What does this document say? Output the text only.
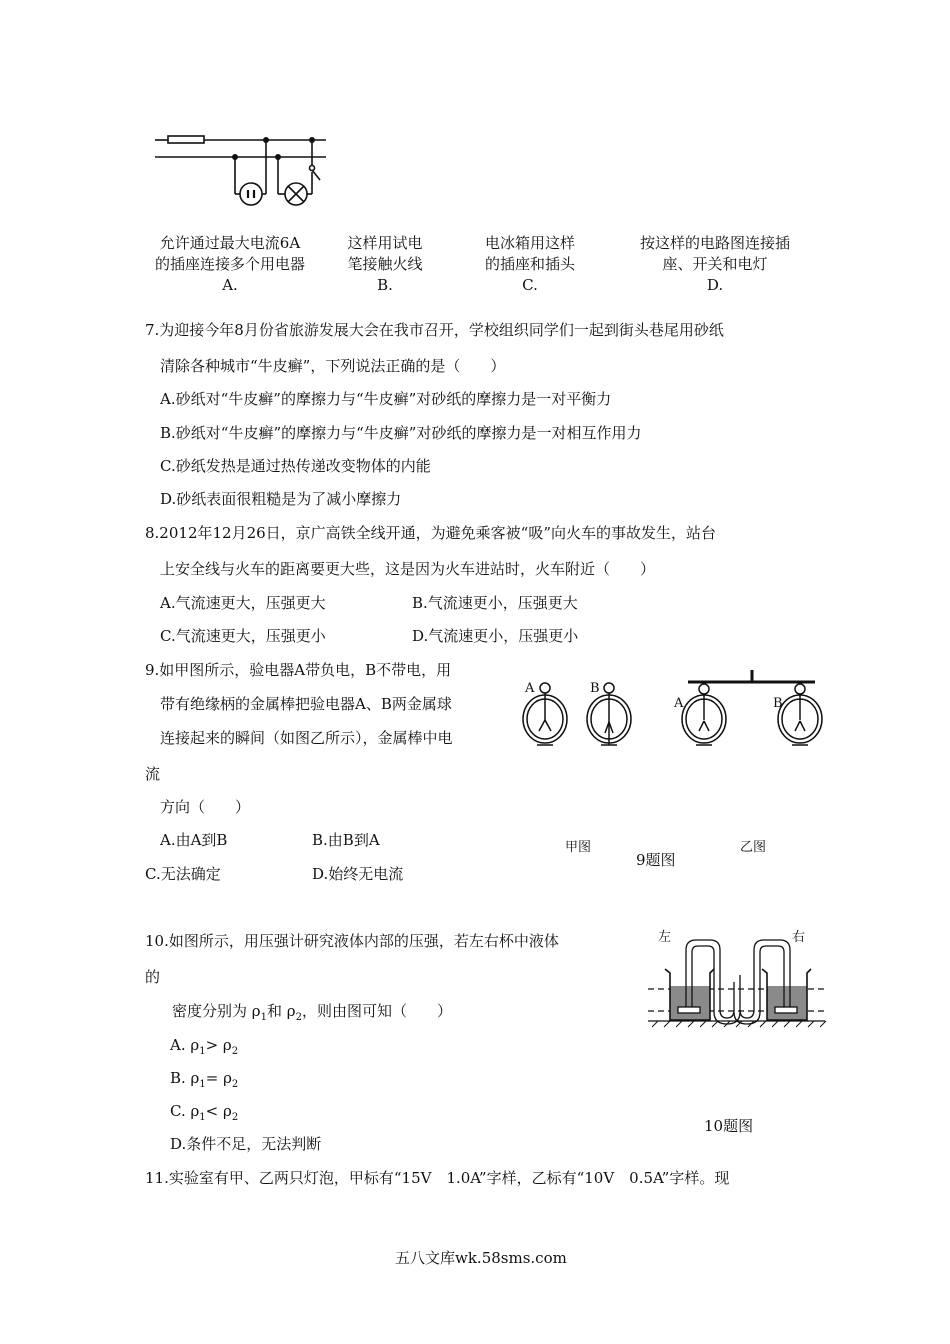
允许通过最大电流6A
的插座连接多个用电器
A.
这样用试电
笔接触火线
B.
电冰箱用这样
的插座和插头
C.
按这样的电路图连接插
座、开关和电灯
D.
7.为迎接今年8月份省旅游发展大会在我市召开，学校组织同学们一起到街头巷尾用砂纸
清除各种城市“牛皮癣”，下列说法正确的是（　　）
A.砂纸对“牛皮癣”的摩擦力与“牛皮癣”对砂纸的摩擦力是一对平衡力
B.砂纸对“牛皮癣”的摩擦力与“牛皮癣”对砂纸的摩擦力是一对相互作用力
C.砂纸发热是通过热传递改变物体的内能
D.砂纸表面很粗糙是为了减小摩擦力
8.2012年12月26日，京广高铁全线开通，为避免乘客被“吸”向火车的事故发生，站台
上安全线与火车的距离要更大些，这是因为火车进站时，火车附近（　　）
A.气流速更大，压强更大	B.气流速更小，压强更大
C.气流速更大，压强更小	D.气流速更小，压强更小
9.如甲图所示，验电器A带负电，B不带电，用
带有绝缘柄的金属棒把验电器A、B两金属球
连接起来的瞬间（如图乙所示），金属棒中电
流
方向（　　）
A.由A到B	B.由B到A
C.无法确定	D.始终无电流
A	B
A	B
甲图	乙图
9题图
10.如图所示，用压强计研究液体内部的压强，若左右杯中液体
的
密度分别为 $\rho_1$和 $\rho_2$，则由图可知（　　）
A. $\rho_1> \rho_2$
B. $\rho_1= \rho_2$
C. $\rho_1< \rho_2$
D.条件不足，无法判断
左	右
10题图
11.实验室有甲、乙两只灯泡，甲标有“15V　1.0A”字样，乙标有“10V　0.5A”字样。现
五八文库wk.58sms.com
